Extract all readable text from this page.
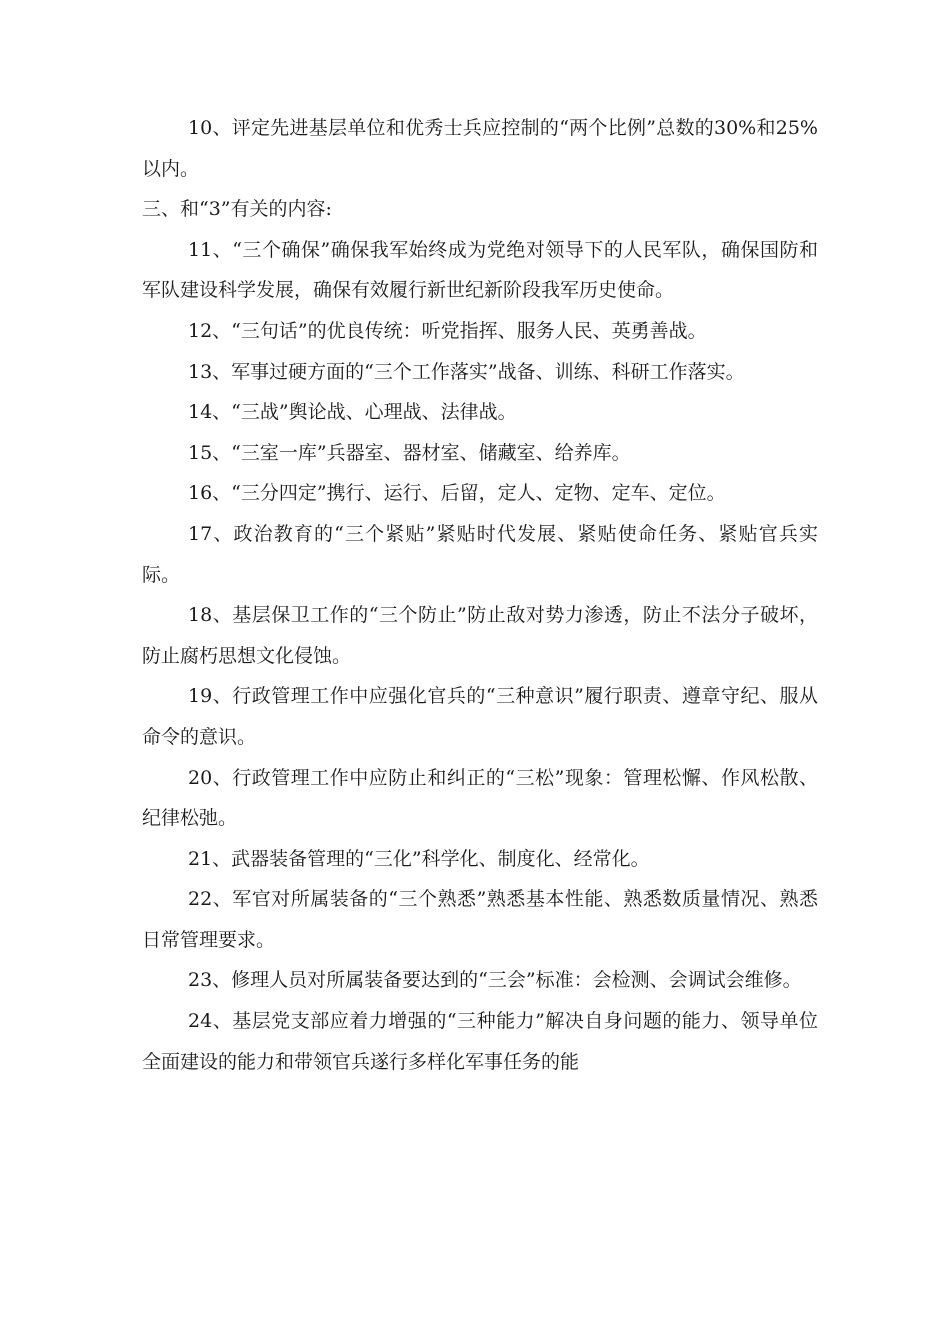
10、评定先进基层单位和优秀士兵应控制的“两个比例”总数的30%和25%以内。

三、和“3”有关的内容:

11、“三个确保”确保我军始终成为党绝对领导下的人民军队，确保国防和军队建设科学发展，确保有效履行新世纪新阶段我军历史使命。

12、“三句话”的优良传统：听党指挥、服务人民、英勇善战。

13、军事过硬方面的“三个工作落实”战备、训练、科研工作落实。

14、“三战”舆论战、心理战、法律战。

15、“三室一库”兵器室、器材室、储藏室、给养库。

16、“三分四定”携行、运行、后留，定人、定物、定车、定位。

17、政治教育的“三个紧贴”紧贴时代发展、紧贴使命任务、紧贴官兵实际。

18、基层保卫工作的“三个防止”防止敌对势力渗透，防止不法分子破坏，防止腐朽思想文化侵蚀。

19、行政管理工作中应强化官兵的“三种意识”履行职责、遵章守纪、服从命令的意识。

20、行政管理工作中应防止和纠正的“三松”现象：管理松懈、作风松散、纪律松弛。

21、武器装备管理的“三化”科学化、制度化、经常化。

22、军官对所属装备的“三个熟悉”熟悉基本性能、熟悉数质量情况、熟悉日常管理要求。

23、修理人员对所属装备要达到的“三会”标准：会检测、会调试会维修。

24、基层党支部应着力增强的“三种能力”解决自身问题的能力、领导单位全面建设的能力和带领官兵遂行多样化军事任务的能
